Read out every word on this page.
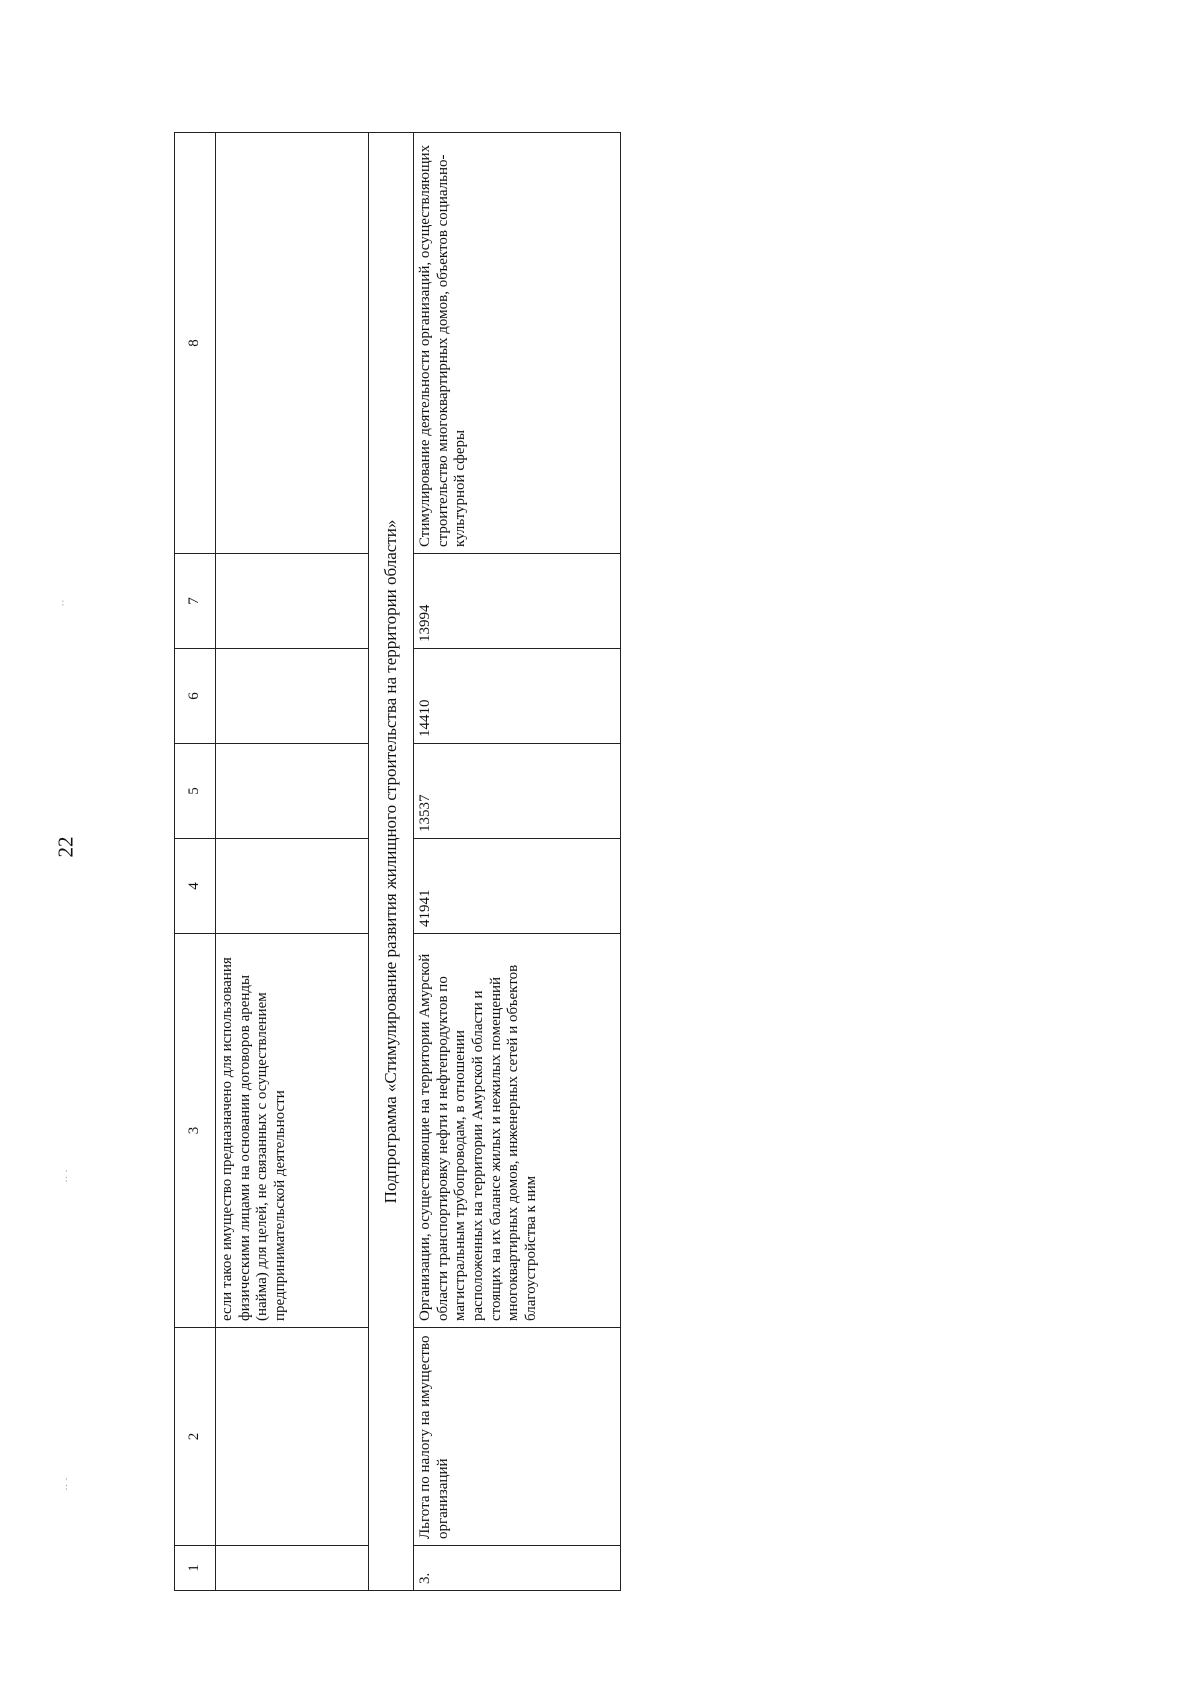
·· ·
·· ·
··
22
1	2	3	4	5	6	7	8
		если такое имущество предназначено для использования физическими лицами на основании договоров аренды (найма) для целей, не связанных с осуществлением предпринимательской деятельности					
Подпрограмма «Стимулирование развития жилищного строительства на территории области»							
3.	Льгота по налогу на имущество организаций	Организации, осуществляющие на территории Амурской области транспортировку нефти и нефтепродуктов по магистральным трубопроводам, в отношении расположенных на территории Амурской области и стоящих на их балансе жилых и нежилых помещений многоквартирных домов, инженерных сетей и объектов благоустройства к ним	41941	13537	14410	13994	Стимулирование деятельности организаций, осуществляющих строительство многоквартирных домов, объектов социально-культурной сферы
